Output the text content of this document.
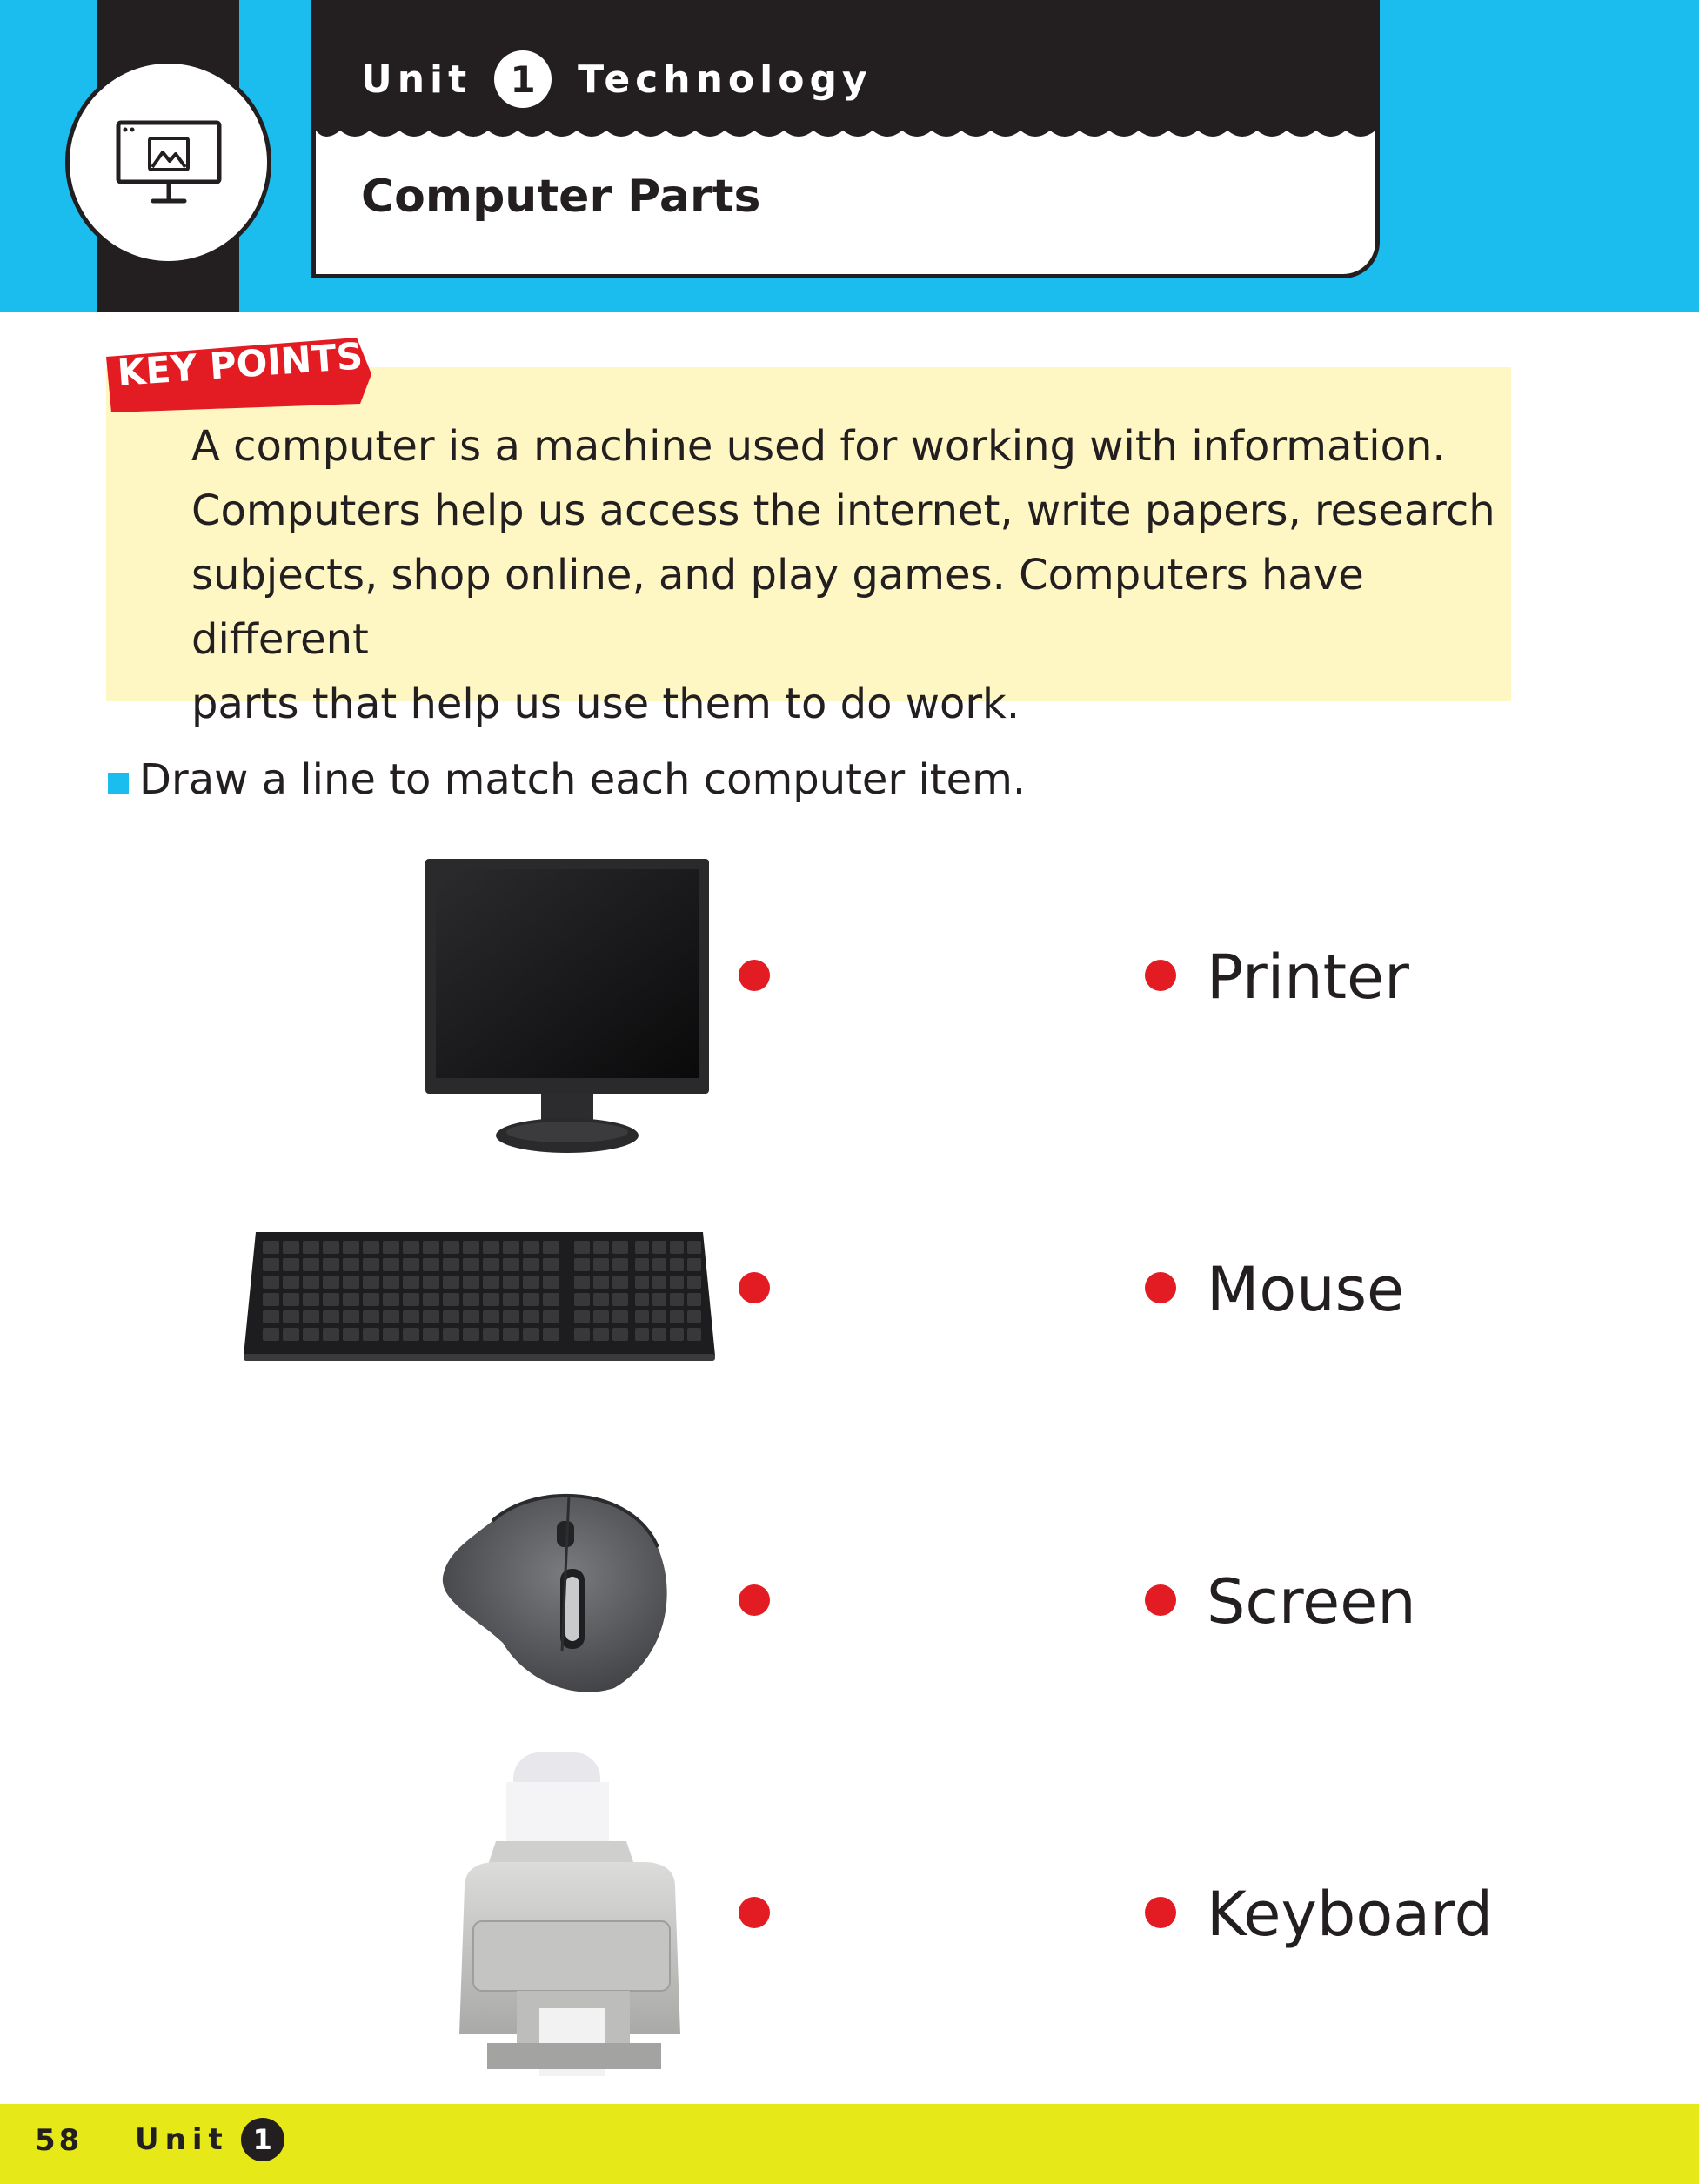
Unit	1	Technology
Computer Parts
KEY POINTS
A computer is a machine used for working with information.
Computers help us access the internet, write papers, research
subjects, shop online, and play games. Computers have different
parts that help us use them to do work.
Draw a line to match each computer item.
Printer
Mouse
Screen
Keyboard
58 Unit 1
